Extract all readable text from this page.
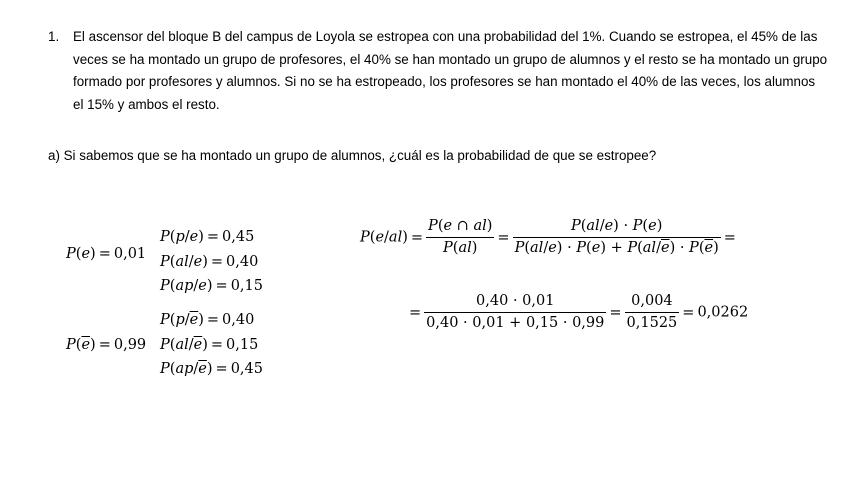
1. El ascensor del bloque B del campus de Loyola se estropea con una probabilidad del 1%. Cuando se estropea, el 45% de las veces se ha montado un grupo de profesores, el 40% se han montado un grupo de alumnos y el resto se ha montado un grupo formado por profesores y alumnos. Si no se ha estropeado, los profesores se han montado el 40% de las veces, los alumnos el 15% y ambos el resto.
a) Si sabemos que se ha montado un grupo de alumnos, ¿cuál es la probabilidad de que se estropee?
P(e) = 0,01
P(p/e) = 0,45
P(al/e) = 0,40
P(ap/e) = 0,15
$P(\overline{e}) = 0,99$
$P(p/\overline{e}) = 0,40$
$P(al/\overline{e}) = 0,15$
$P(ap/\overline{e}) = 0,45$
$P(e/al) = \frac{P(e \cap al)}{P(al)} = \frac{P(al/e) \cdot P(e)}{P(al/e) \cdot P(e) + P(al/\overline{e}) \cdot P(\overline{e})}$ =
= $\frac{0,40 \cdot 0,01}{0,40 \cdot 0,01 + 0,15 \cdot 0,99} = \frac{0,004}{0,1525} = 0,0262$
